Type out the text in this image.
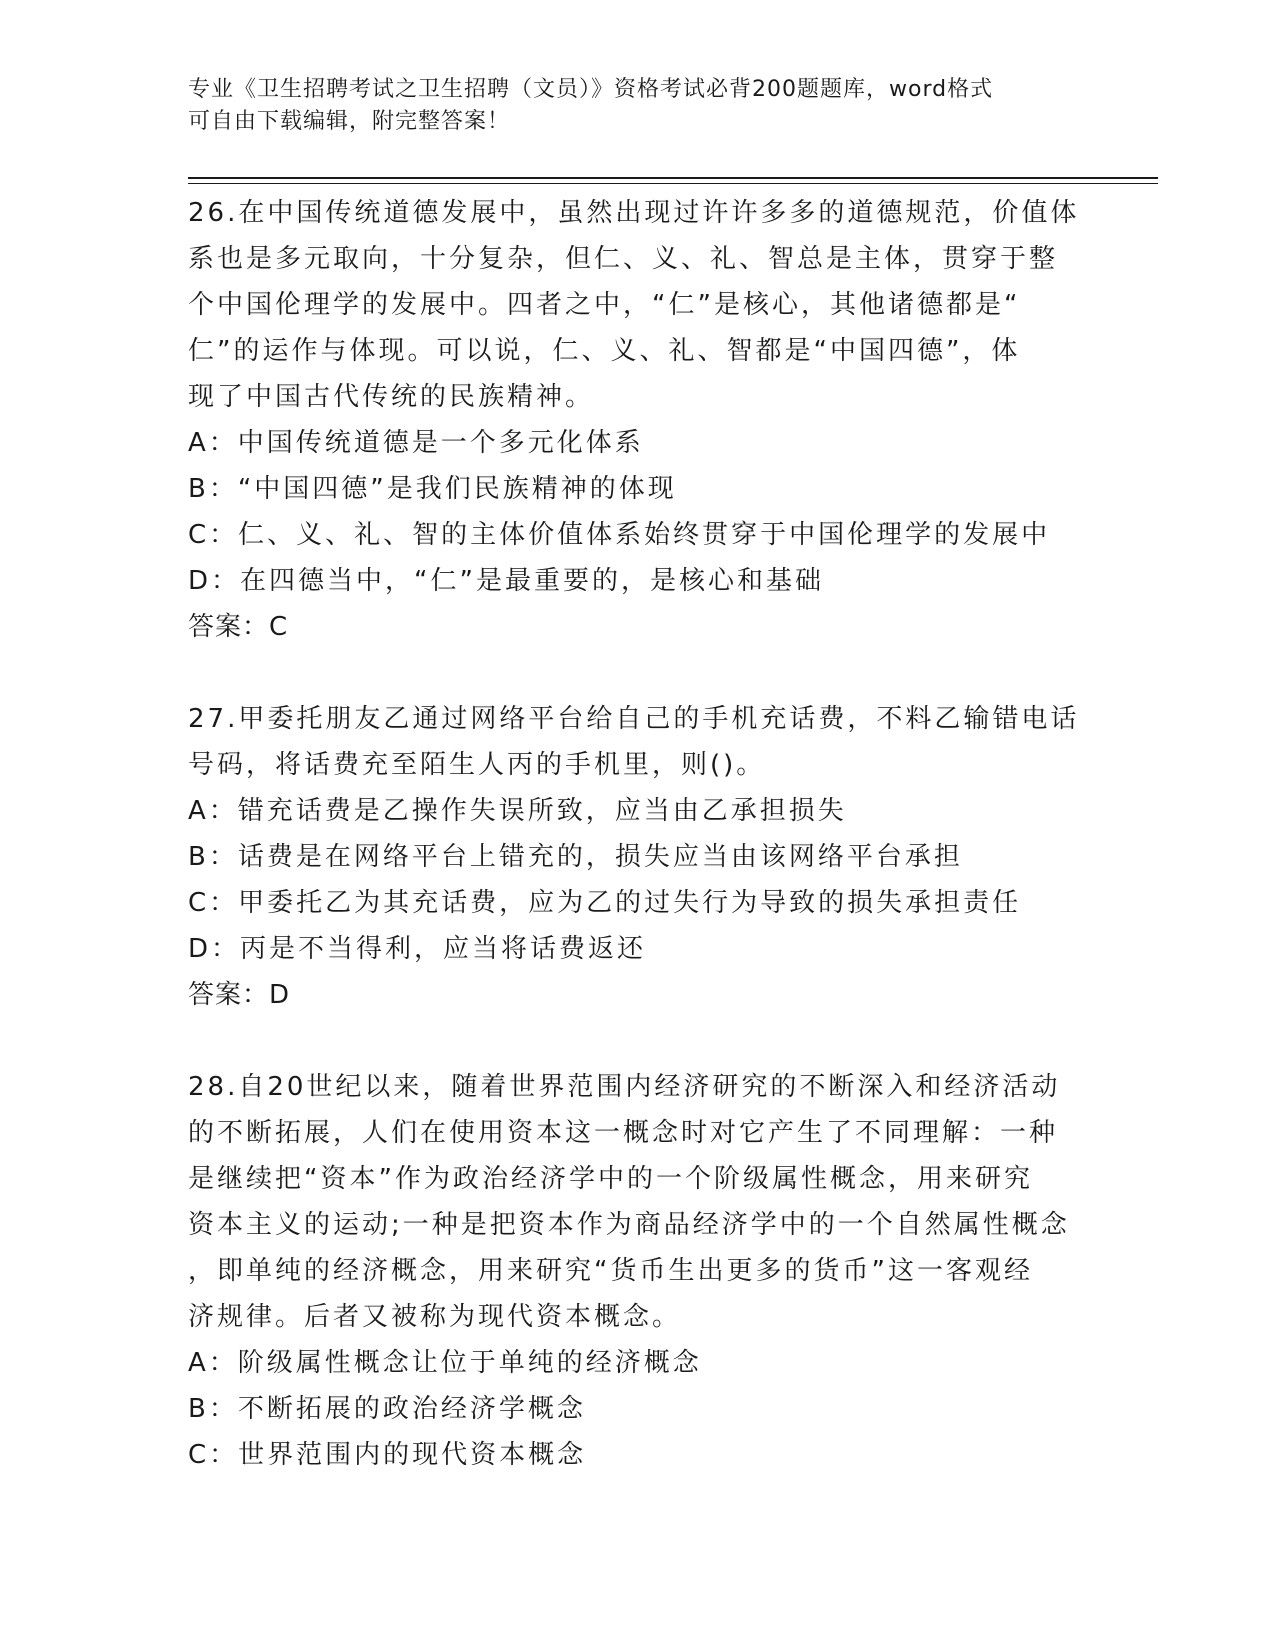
专业《卫生招聘考试之卫生招聘（文员）》资格考试必背200题题库，word格式
可自由下载编辑，附完整答案！
26.在中国传统道德发展中，虽然出现过许许多多的道德规范，价值体
系也是多元取向，十分复杂，但仁、义、礼、智总是主体，贯穿于整
个中国伦理学的发展中。四者之中，“仁”是核心，其他诸德都是“
仁”的运作与体现。可以说，仁、义、礼、智都是“中国四德”，体
现了中国古代传统的民族精神。
A：中国传统道德是一个多元化体系
B：“中国四德”是我们民族精神的体现
C：仁、义、礼、智的主体价值体系始终贯穿于中国伦理学的发展中
D：在四德当中，“仁”是最重要的，是核心和基础
答案：C
27.甲委托朋友乙通过网络平台给自己的手机充话费，不料乙输错电话
号码，将话费充至陌生人丙的手机里，则()。
A：错充话费是乙操作失误所致，应当由乙承担损失
B：话费是在网络平台上错充的，损失应当由该网络平台承担
C：甲委托乙为其充话费，应为乙的过失行为导致的损失承担责任
D：丙是不当得利，应当将话费返还
答案：D
28.自20世纪以来，随着世界范围内经济研究的不断深入和经济活动
的不断拓展，人们在使用资本这一概念时对它产生了不同理解：一种
是继续把“资本”作为政治经济学中的一个阶级属性概念，用来研究
资本主义的运动;一种是把资本作为商品经济学中的一个自然属性概念
，即单纯的经济概念，用来研究“货币生出更多的货币”这一客观经
济规律。后者又被称为现代资本概念。
A：阶级属性概念让位于单纯的经济概念
B：不断拓展的政治经济学概念
C：世界范围内的现代资本概念
